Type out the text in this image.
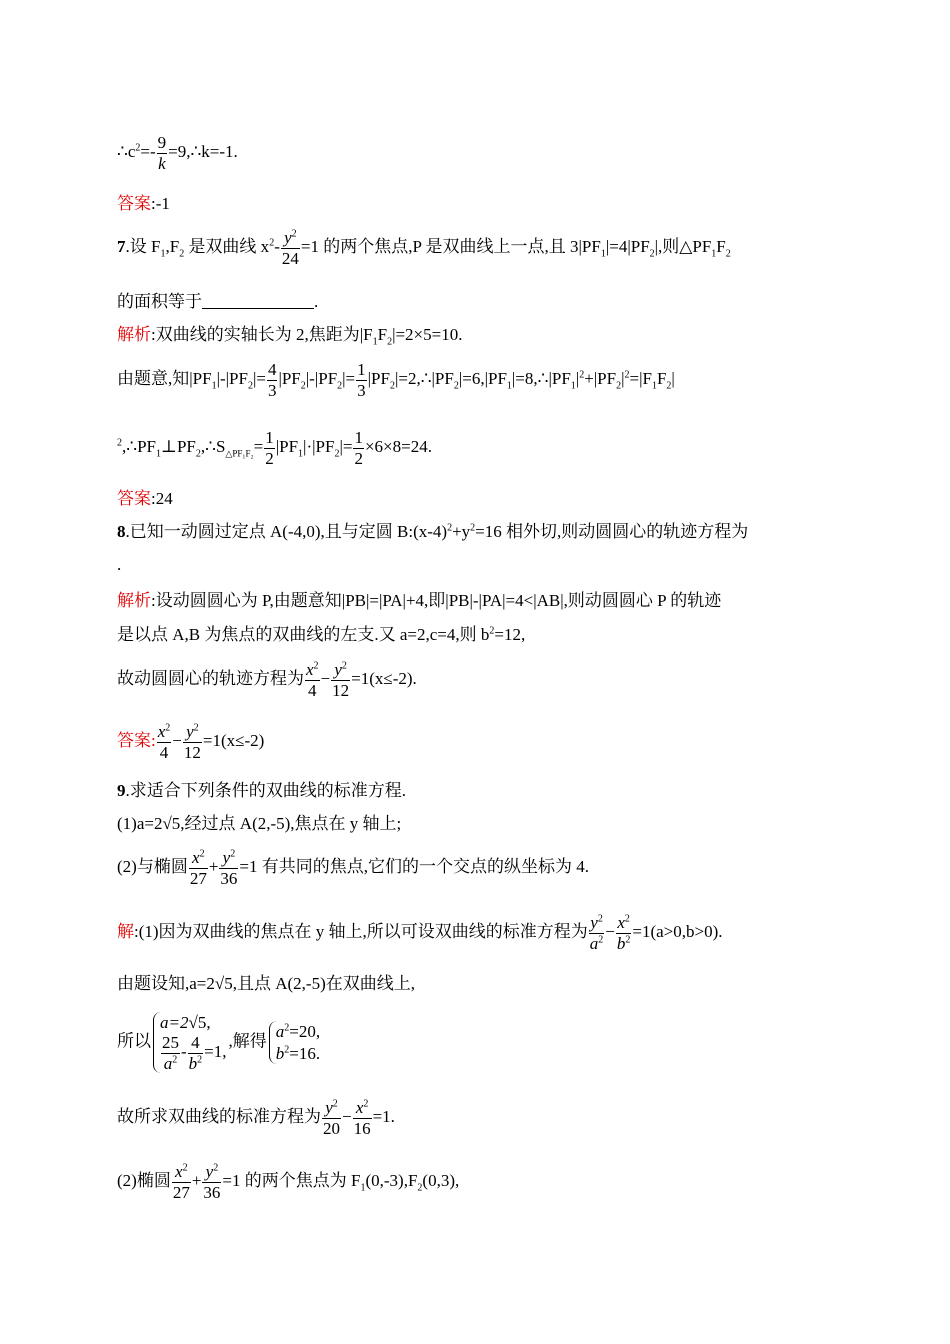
$\therefore c^2=- \frac{9}{k}$ =9,∴k=-1.
答案:-1
7.设 $F_1,F_2$ 是双曲线 $x^2- \frac{y^2}{24} =1$ 的两个焦点,P 是双曲线上一点,且 $3|PF_1|=4|PF_2|$,则$\triangle PF_1F_2$
的面积等于	.
解析:双曲线的实轴长为 2,焦距为$|F_1F_2|=2\times 5=10$.
由题意,知$|PF_1|-|PF_2|= \frac{4}{3} |PF_2|-|PF_2|= \frac{1}{3}$ $|PF_2|=2,\therefore|PF_2|=6,|PF_1|=8,\therefore|PF_1|^2+|PF_2|^2=|F_1F_2|$
$^2,\therefore PF_1\perp PF_2,\therefore S_{\triangle PF_1F_2}= \frac{1}{2} |PF_1|\cdot|PF_2|= \frac{1}{2} \times 6\times 8=24$.
答案:24
8.已知一动圆过定点 A(-4,0),且与定圆 $B:(x-4)^2+y^2=16$ 相外切,则动圆圆心的轨迹方程为
.
解析:设动圆圆心为 P,由题意知|PB|=|PA|+4,即|PB|-|PA|=4<|AB|,则动圆圆心 P 的轨迹
是以点 A,B 为焦点的双曲线的左支.又 a=2,c=4,则 $b^2=12$,
故动圆圆心的轨迹方程为 $\frac{x^2}{4} - \frac{y^2}{12} =1(x\le-2)$.
答案: $\frac{x^2}{4} - \frac{y^2}{12} =1(x\le-2)$
9.求适合下列条件的双曲线的标准方程.
(1)a=2√5,经过点 A(2,-5),焦点在 y 轴上;
(2)与椭圆 $\frac{x^2}{27} + \frac{y^2}{36} =1$ 有共同的焦点,它们的一个交点的纵坐标为 4.
解:(1)因为双曲线的焦点在 y 轴上,所以可设双曲线的标准方程为 $\frac{y^2}{a^2} - \frac{x^2}{b^2} =1(a>0,b>0)$.
由题设知,a=2√5,且点 A(2,-5)在双曲线上,
所以
a=2√5,
$\frac{25}{a^2} - \frac{4}{b^2} =1$,
,解得 $a^2=20$,
$b^2=16$.
故所求双曲线的标准方程为 $\frac{y^2}{20} - \frac{x^2}{16} =1$.
(2)椭圆 $\frac{x^2}{27} + \frac{y^2}{36} =1$ 的两个焦点为 $F_1(0,-3),F_2(0,3)$,
